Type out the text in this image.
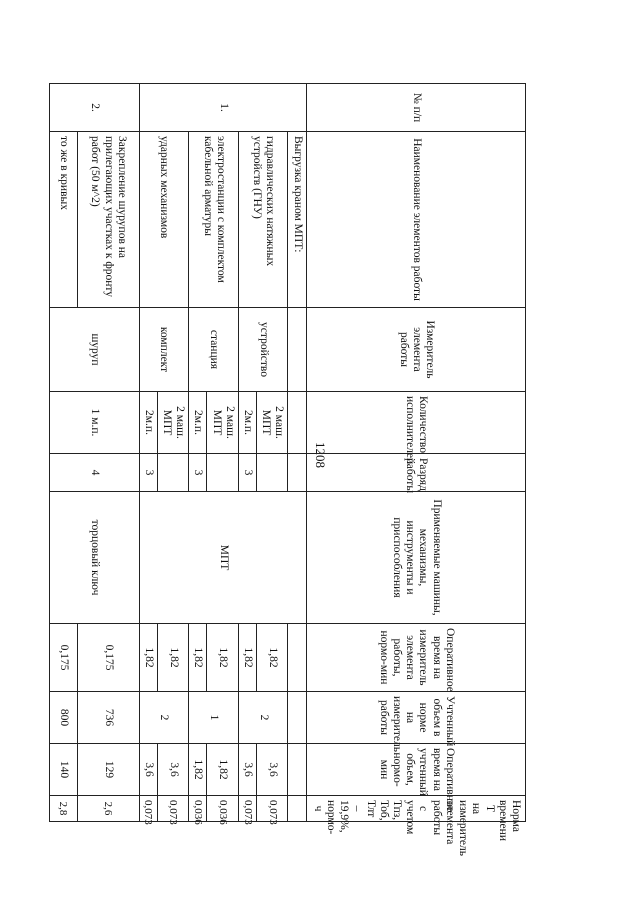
1208
№ п/п	Наименование элементов работы	Измеритель элемента работы	Количество исполнителей	Разряд работы	Применяемые машины, механизмы, инструменты и приспособления	Оперативное время на измеритель элемента работы, нормо-мин	Учтенный объем в норме на измеритель работы	Оперативное время на учтенный объем, нормо-мин	Норма времени Т на измеритель элемента работы с учетом Тпз, Тоб, Тлт – 19,9%, нормо-ч
1.	Выгрузка краном МПТ:				МПТ				
	гидравлических натяжных устройств (ГНУ)	устройство	2 маш. МПТ			1,82	2	3,6	0,073
			2м.п.	3		1,82		3,6	0,073
	электростанции с комплектом кабельной арматуры	станция	2 маш. МПТ			1,82	1	1,82	0,036
			2м.п.	3		1,82		1,82	0,036
	ударных механизмов	комплект	2 маш. МПТ			1,82	2	3,6	0,073
			2м.п.	3		1,82		3,6	0,073
2.	Закрепление шурупов на прилегающих участках к фронту работ (50 м^2)	шуруп	1 м.п.	4	торцовый ключ	0,175	736	129	2,6
	то же в кривых					0,175	800	140	2,8
